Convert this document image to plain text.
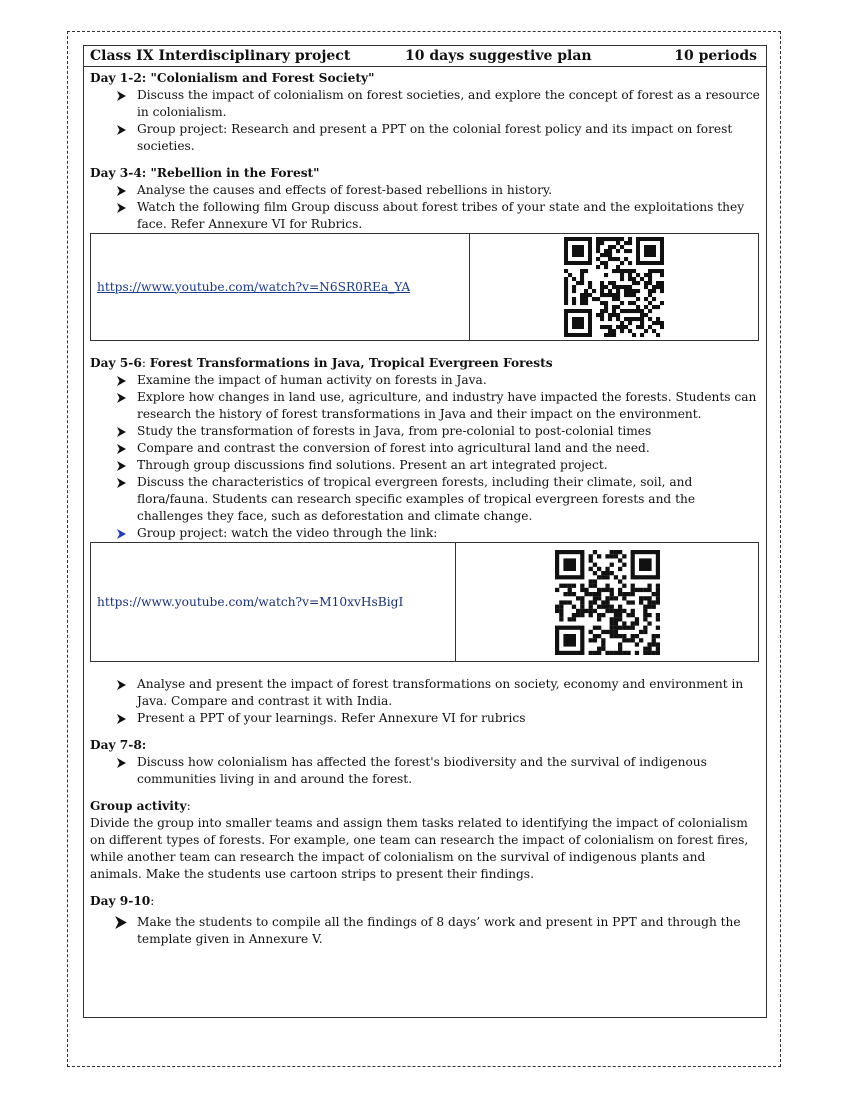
Class IX Interdisciplinary project	10 days suggestive plan	10 periods

Day 1-2: "Colonialism and Forest Society"

Discuss the impact of colonialism on forest societies, and explore the concept of forest as a resource in colonialism.
Group project: Research and present a PPT on the colonial forest policy and its impact on forest societies.

Day 3-4: "Rebellion in the Forest"

Analyse the causes and effects of forest-based rebellions in history.
Watch the following film Group discuss about forest tribes of your state and the exploitations they face. Refer Annexure VI for Rubrics.
https://www.youtube.com/watch?v=N6SR0REa_YA	

Day 5-6: Forest Transformations in Java, Tropical Evergreen Forests

Examine the impact of human activity on forests in Java.
Explore how changes in land use, agriculture, and industry have impacted the forests. Students can research the history of forest transformations in Java and their impact on the environment.
Study the transformation of forests in Java, from pre-colonial to post-colonial times
Compare and contrast the conversion of forest into agricultural land and the need.
Through group discussions find solutions. Present an art integrated project.
Discuss the characteristics of tropical evergreen forests, including their climate, soil, and flora/fauna. Students can research specific examples of tropical evergreen forests and the challenges they face, such as deforestation and climate change.
Group project: watch the video through the link:
https://www.youtube.com/watch?v=M10xvHsBigI	
Analyse and present the impact of forest transformations on society, economy and environment in Java. Compare and contrast it with India.
Present a PPT of your learnings. Refer Annexure VI for rubrics

Day 7-8:

Discuss how colonialism has affected the forest's biodiversity and the survival of indigenous communities living in and around the forest.

Group activity:

Divide the group into smaller teams and assign them tasks related to identifying the impact of colonialism on different types of forests. For example, one team can research the impact of colonialism on forest fires, while another team can research the impact of colonialism on the survival of indigenous plants and animals. Make the students use cartoon strips to present their findings.

Day 9-10:

Make the students to compile all the findings of 8 days’ work and present in PPT and through the template given in Annexure V.
